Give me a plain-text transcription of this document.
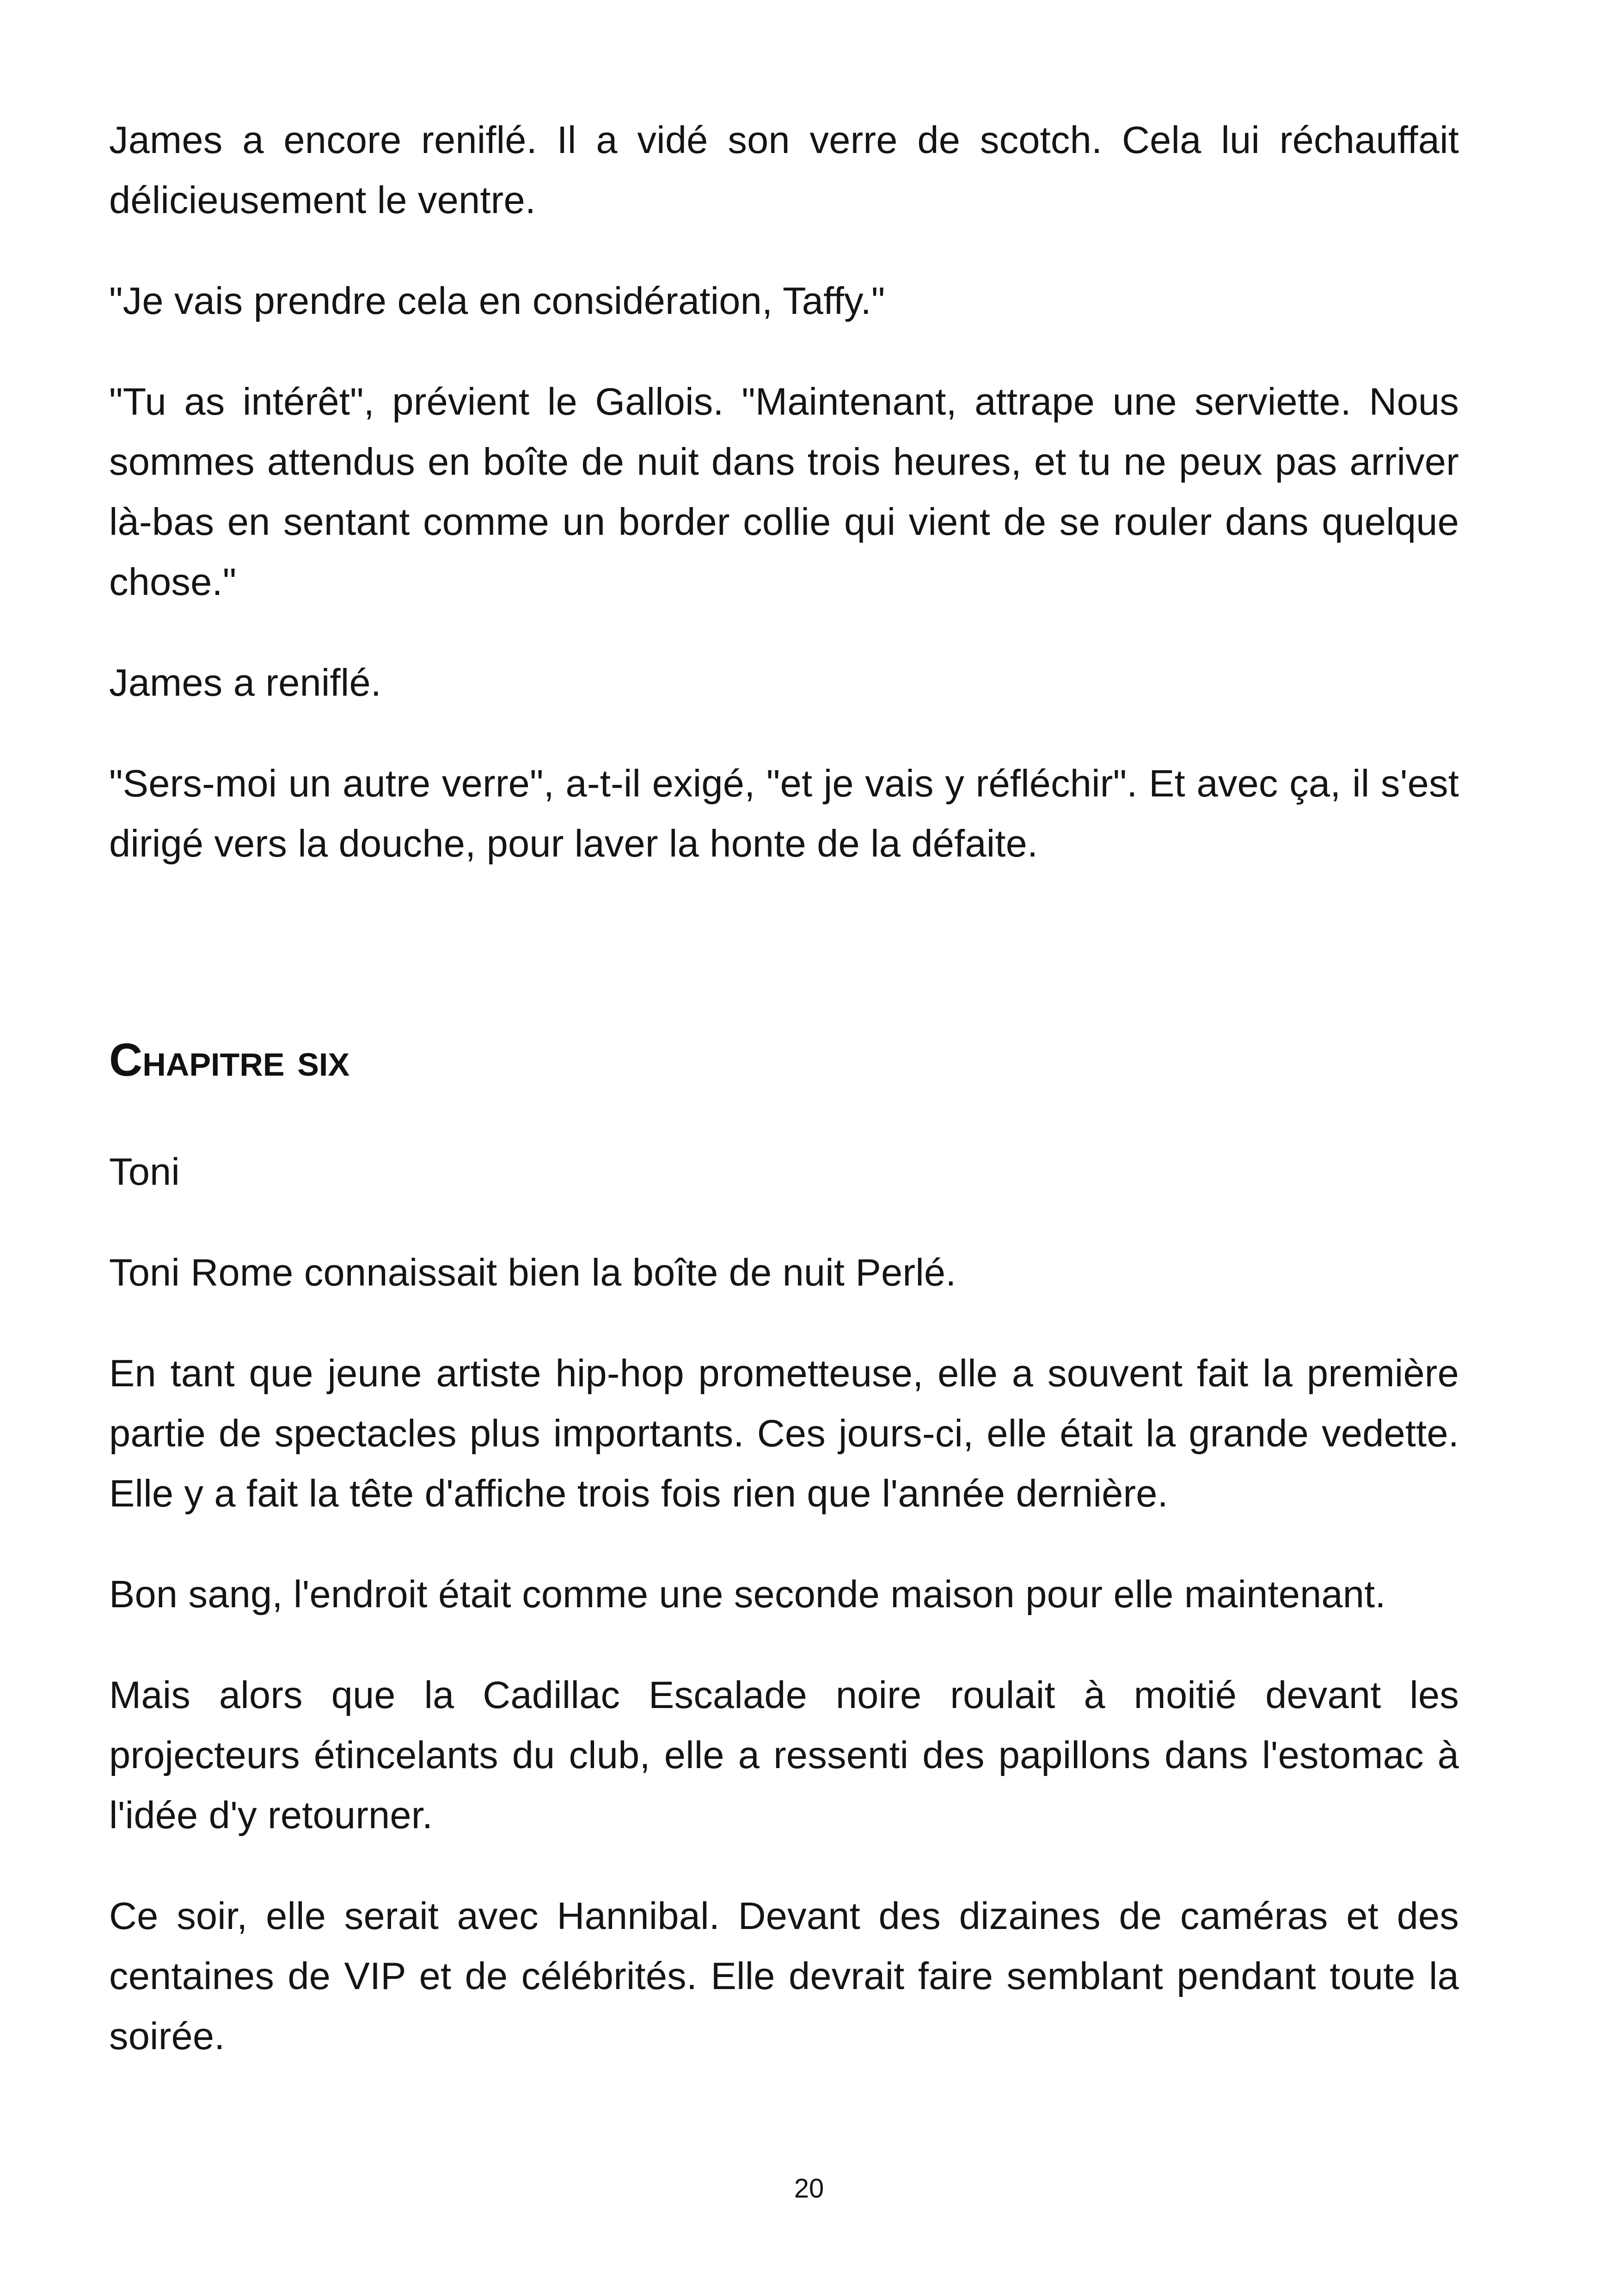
James a encore reniflé. Il a vidé son verre de scotch. Cela lui réchauffait délicieusement le ventre.

"Je vais prendre cela en considération, Taffy."

"Tu as intérêt", prévient le Gallois. "Maintenant, attrape une serviette. Nous sommes attendus en boîte de nuit dans trois heures, et tu ne peux pas arriver là-bas en sentant comme un border collie qui vient de se rouler dans quelque chose."

James a reniflé.

"Sers-moi un autre verre", a-t-il exigé, "et je vais y réfléchir". Et avec ça, il s'est dirigé vers la douche, pour laver la honte de la défaite.

Chapitre six

Toni

Toni Rome connaissait bien la boîte de nuit Perlé.

En tant que jeune artiste hip-hop prometteuse, elle a souvent fait la première partie de spectacles plus importants. Ces jours-ci, elle était la grande vedette. Elle y a fait la tête d'affiche trois fois rien que l'année dernière.

Bon sang, l'endroit était comme une seconde maison pour elle maintenant.

Mais alors que la Cadillac Escalade noire roulait à moitié devant les projecteurs étincelants du club, elle a ressenti des papillons dans l'estomac à l'idée d'y retourner.

Ce soir, elle serait avec Hannibal. Devant des dizaines de caméras et des centaines de VIP et de célébrités. Elle devrait faire semblant pendant toute la soirée.

20
